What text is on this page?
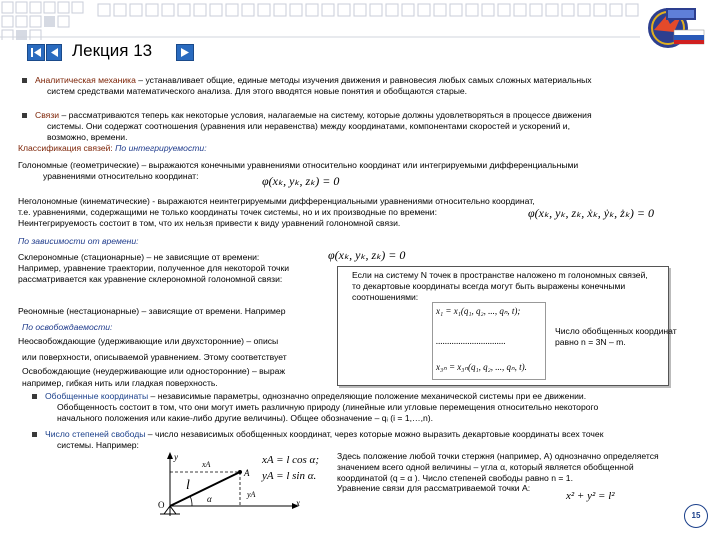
Лекция 13
Аналитическая механика – устанавливает общие, единые методы изучения движения и равновесия любых самых сложных материальных
систем средствами математического анализа. Для этого вводятся новые понятия и обобщаются старые.
Связи – рассматриваются теперь как некоторые условия, налагаемые на систему, которые должны удовлетворяться в процессе движения
системы. Они содержат соотношения (уравнения или неравенства) между координатами, компонентами скоростей и ускорений и,
возможно, времени.
Классификация связей: По интегрируемости:
Голономные (геометрические) – выражаются конечными уравнениями относительно координат или интегрируемыми дифференциальными
уравнениями относительно координат:	φ(xₖ, yₖ, zₖ) = 0
Неголономные (кинематические) - выражаются неинтегрируемыми дифференциальными уравнениями относительно координат,
т.е. уравнениями, содержащими не только координаты точек системы, но и их производные по времени:
Неинтегрируемость состоит в том, что их нельзя привести к виду уравнений голономной связи.
φ(xₖ, yₖ, zₖ, ẋₖ, ẏₖ, żₖ) = 0
По зависимости от времени:
Склерономные (стационарные) – не зависящие от времени:
Например, уравнение траектории, полученное для некоторой точки
рассматривается как уравнение склерономной голономной связи:
φ(xₖ, yₖ, zₖ) = 0
Реономные (нестационарные) – зависящие от времени. Например
По освобождаемости:
Неосвобождающие (удерживающие или двухсторонние) – описы
или поверхности, описываемой уравнением. Этому соответствует
Освобождающие (неудерживающие или односторонние) – выраж
например, гибкая нить или гладкая поверхность.
Если на систему N точек в пространстве наложено m голономных связей,
то декартовые координаты всегда могут быть выражены конечными
соотношениями:
x₁ = x₁(q₁, q₂, ..., qₙ, t);
...............................
x₃ₙ = x₃ₙ(q₁, q₂, ..., qₙ, t).
Число обобщенных координат
равно n = 3N – m.
Обобщенные координаты – независимые параметры, однозначно определяющие положение механической системы при ее движении.
Обобщенность состоит в том, что они могут иметь различную природу (линейные или угловые перемещения относительно некоторого
начального положения или какие-либо другие величины). Общее обозначение – qᵢ (i = 1,…,n).
Число степеней свободы – число независимых обобщенных координат, через которые можно выразить декартовые координаты всех точек
системы. Например:
y
xA
A
l
α	yA
O	x
xA = l cos α;
yA = l sin α.
Здесь положение любой точки стержня (например, A) однозначно определяется
значением всего одной величины – угла α, который является обобщенной
координатой (q = α ). Число степеней свободы равно n = 1.
Уравнение связи для рассматриваемой точки A:
x² + y² = l²
15
